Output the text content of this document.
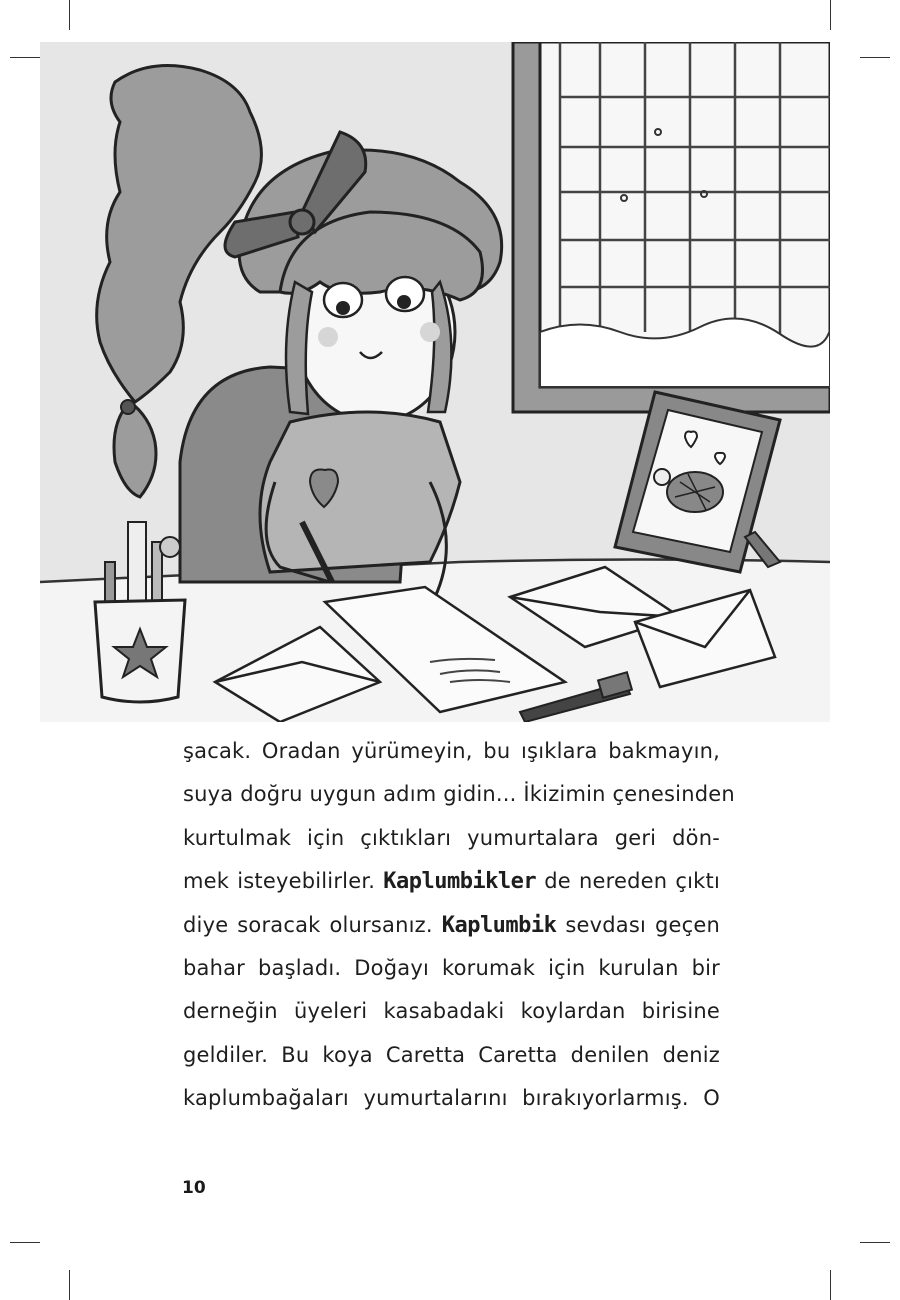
şacak. Oradan yürümeyin, bu ışıklara bakmayın,
suya doğru uygun adım gidin... İkizimin çenesinden
kurtulmak için çıktıkları yumurtalara geri dön-
mek isteyebilirler. Kaplumbikler de nereden çıktı
diye soracak olursanız. Kaplumbik sevdası geçen
bahar başladı. Doğayı korumak için kurulan bir
derneğin üyeleri kasabadaki koylardan birisine
geldiler. Bu koya Caretta Caretta denilen deniz
kaplumbağaları yumurtalarını bırakıyorlarmış. O
10
